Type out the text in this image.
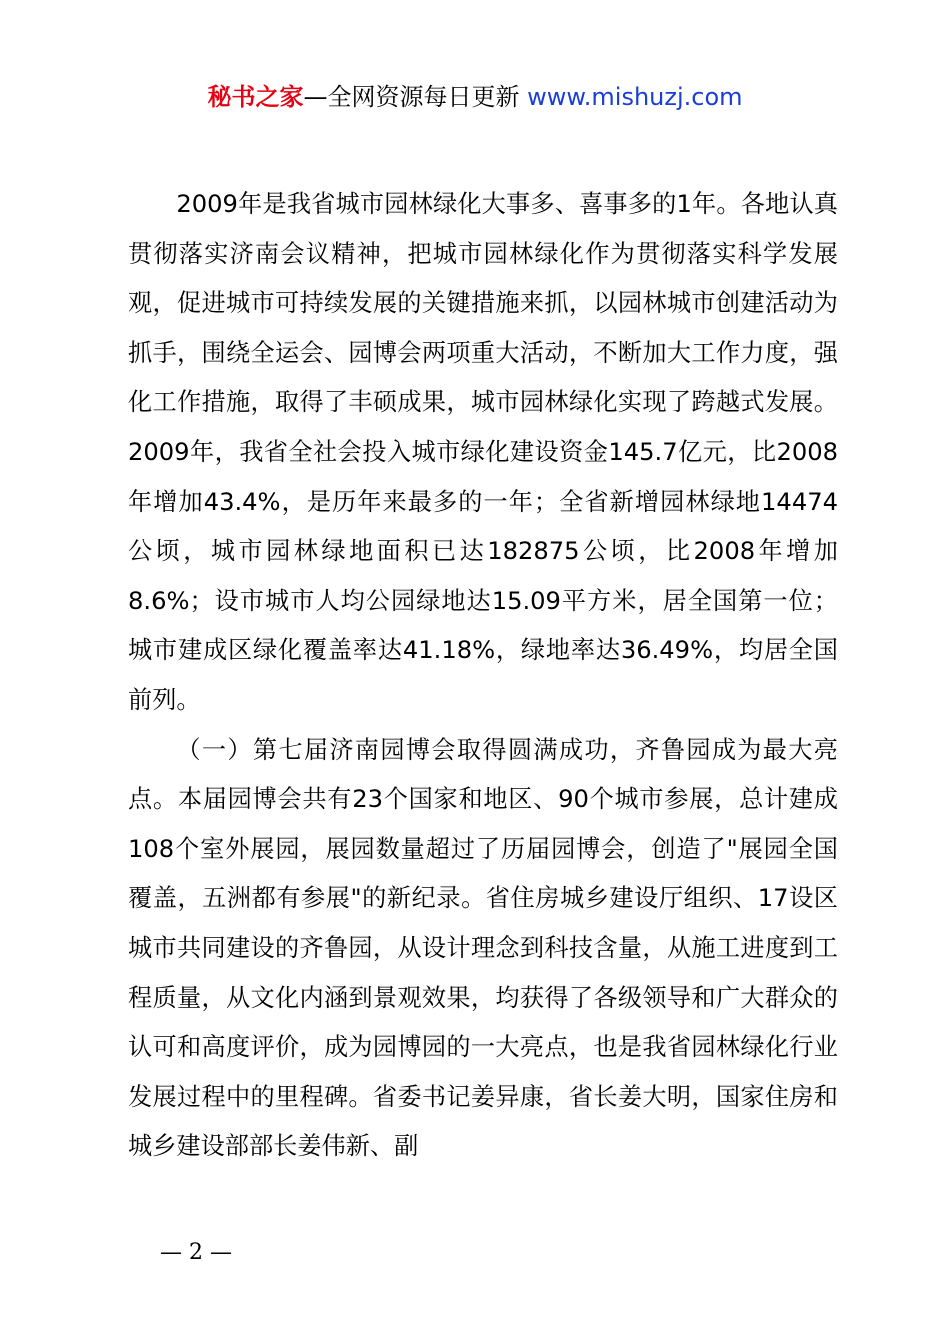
秘书之家—全网资源每日更新 www.mishuzj.com

2009年是我省城市园林绿化大事多、喜事多的1年。各地认真贯彻落实济南会议精神，把城市园林绿化作为贯彻落实科学发展观，促进城市可持续发展的关键措施来抓，以园林城市创建活动为抓手，围绕全运会、园博会两项重大活动，不断加大工作力度，强化工作措施，取得了丰硕成果，城市园林绿化实现了跨越式发展。2009年，我省全社会投入城市绿化建设资金145.7亿元，比2008年增加43.4%，是历年来最多的一年；全省新增园林绿地14474公顷，城市园林绿地面积已达182875公顷，比2008年增加8.6%；设市城市人均公园绿地达15.09平方米，居全国第一位；城市建成区绿化覆盖率达41.18%，绿地率达36.49%，均居全国前列。

（一）第七届济南园博会取得圆满成功，齐鲁园成为最大亮点。本届园博会共有23个国家和地区、90个城市参展，总计建成108个室外展园，展园数量超过了历届园博会，创造了"展园全国覆盖，五洲都有参展"的新纪录。省住房城乡建设厅组织、17设区城市共同建设的齐鲁园，从设计理念到科技含量，从施工进度到工程质量，从文化内涵到景观效果，均获得了各级领导和广大群众的认可和高度评价，成为园博园的一大亮点，也是我省园林绿化行业发展过程中的里程碑。省委书记姜异康，省长姜大明，国家住房和城乡建设部部长姜伟新、副

— 2 —
